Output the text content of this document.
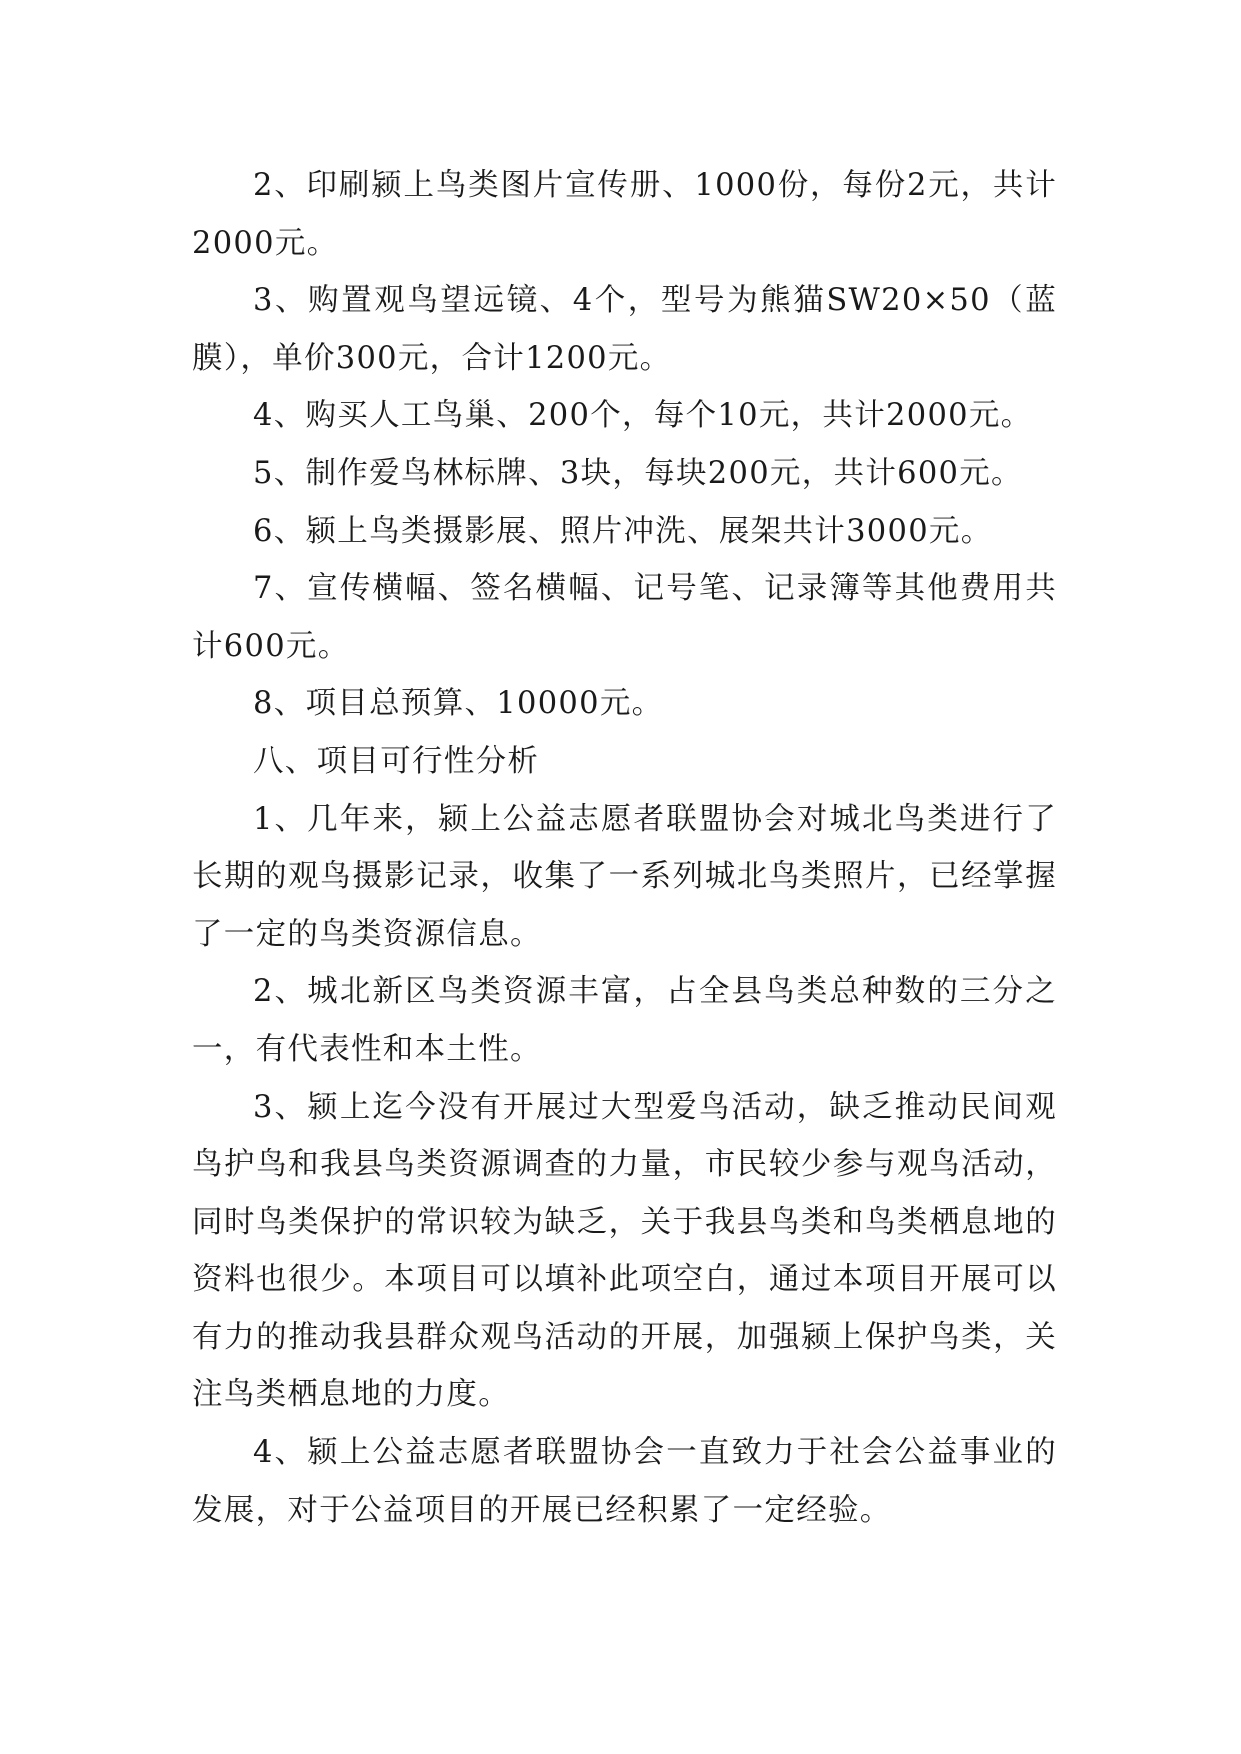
2、印刷颍上鸟类图片宣传册、1000份，每份2元，共计2000元。

3、购置观鸟望远镜、4个，型号为熊猫SW20×50（蓝膜），单价300元，合计1200元。

4、购买人工鸟巢、200个，每个10元，共计2000元。

5、制作爱鸟林标牌、3块，每块200元，共计600元。

6、颍上鸟类摄影展、照片冲洗、展架共计3000元。

7、宣传横幅、签名横幅、记号笔、记录簿等其他费用共计600元。

8、项目总预算、10000元。

八、项目可行性分析

1、几年来，颍上公益志愿者联盟协会对城北鸟类进行了长期的观鸟摄影记录，收集了一系列城北鸟类照片，已经掌握了一定的鸟类资源信息。

2、城北新区鸟类资源丰富，占全县鸟类总种数的三分之一，有代表性和本土性。

3、颍上迄今没有开展过大型爱鸟活动，缺乏推动民间观鸟护鸟和我县鸟类资源调查的力量，市民较少参与观鸟活动，同时鸟类保护的常识较为缺乏，关于我县鸟类和鸟类栖息地的资料也很少。本项目可以填补此项空白，通过本项目开展可以有力的推动我县群众观鸟活动的开展，加强颍上保护鸟类，关注鸟类栖息地的力度。

4、颍上公益志愿者联盟协会一直致力于社会公益事业的发展，对于公益项目的开展已经积累了一定经验。
